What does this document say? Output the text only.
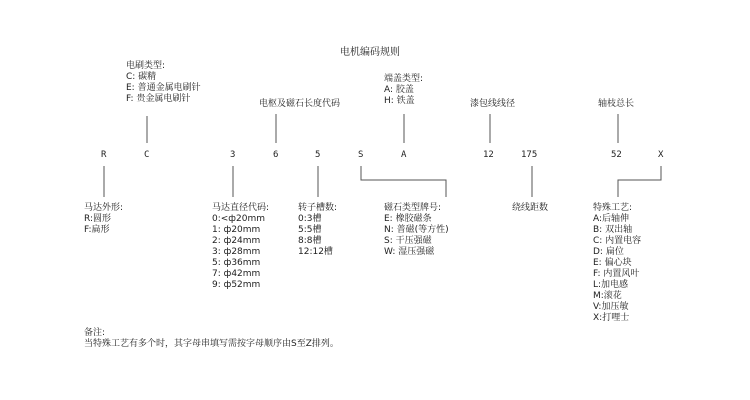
电机编码规则
电刷类型:
C: 碳精
E: 普通金属电刷针
F: 贵金属电刷针	电枢及磁石长度代码
端盖类型:
A: 胶盖
H: 铁盖	漆包线线径	轴枝总长
R	C	3	6	5	S	A	12	175	52	X
马达外形:
R:圆形
F:扁形
马达直径代码:
0:<ф20mm
1: ф20mm
2: ф24mm
3: ф28mm
5: ф36mm
7: ф42mm
9: ф52mm
转子槽数:
0:3槽
5:5槽
8:8槽
12:12槽
磁石类型牌号:
E: 橡胶磁条
N: 普磁(等方性)
S: 干压强磁
W: 湿压强磁
绕线距数	特殊工艺:
A:后轴伸
B: 双出轴
C: 内置电容
D: 扁位
E: 偏心块
F: 内置风叶
L:加电感
M:滚花
V:加压敏
X:打哩士
备注:
当特殊工艺有多个时，其字母串填写需按字母顺序由S至Z排列。
